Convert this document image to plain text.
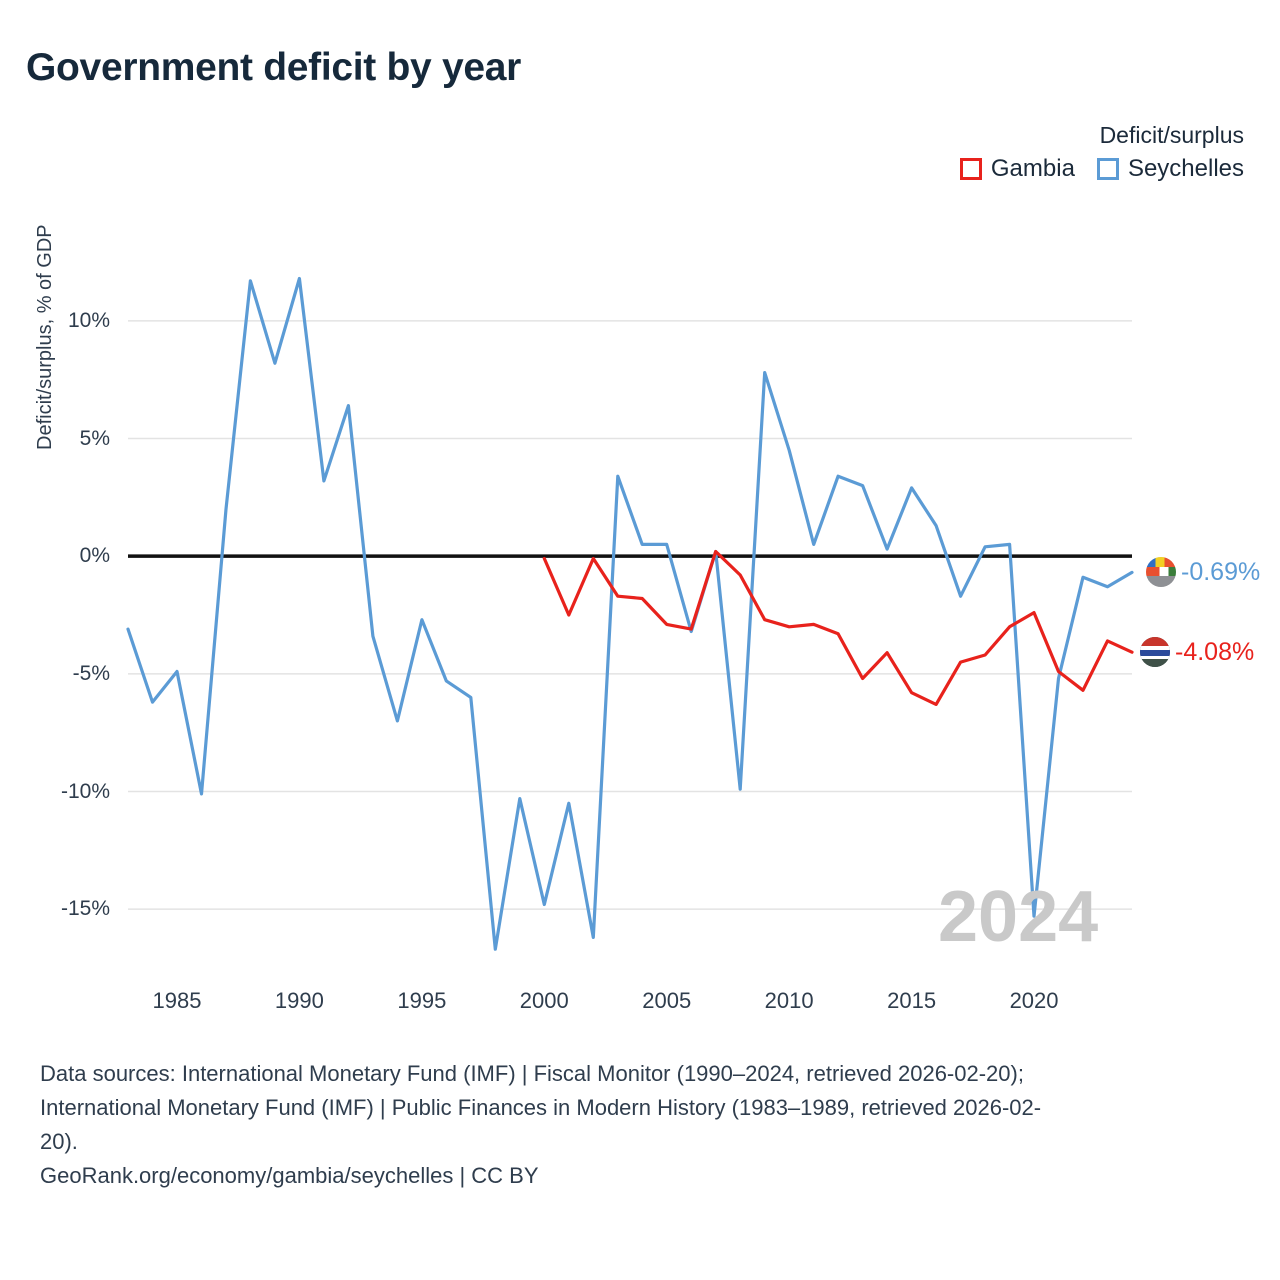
Government deficit by year
Deficit/surplus
Gambia Seychelles
Deficit/surplus, % of GDP 10%
5%
0%
-5%
-10%
-15%
1985	1990	1995	2000	2005	2010	2015	2020
2024
-0.69%
-4.08%
Data sources: International Monetary Fund (IMF) | Fiscal Monitor (1990–2024, retrieved 2026-02-20);
International Monetary Fund (IMF) | Public Finances in Modern History (1983–1989, retrieved 2026-02-
20).
GeoRank.org/economy/gambia/seychelles | CC BY
